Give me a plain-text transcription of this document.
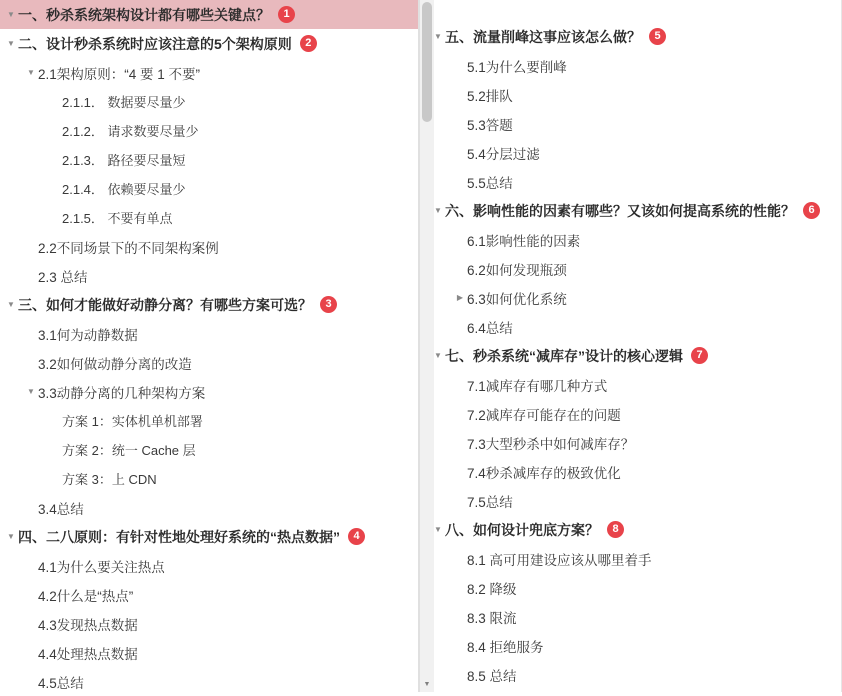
▼
一、秒杀系统架构设计都有哪些关键点？	1
▼
二、设计秒杀系统时应该注意的5个架构原则	2
▼
2.1架构原则：“4 要 1 不要”
2.1.1． 数据要尽量少
2.1.2． 请求数要尽量少
2.1.3． 路径要尽量短
2.1.4． 依赖要尽量少
2.1.5． 不要有单点
2.2不同场景下的不同架构案例
2.3 总结
▼
三、如何才能做好动静分离？有哪些方案可选？	3
3.1何为动静数据
3.2如何做动静分离的改造
▼
3.3动静分离的几种架构方案
方案 1：实体机单机部署
方案 2：统一 Cache 层
方案 3：上 CDN
3.4总结
▼
四、二八原则：有针对性地处理好系统的“热点数据”	4
4.1为什么要关注热点
4.2什么是“热点”
4.3发现热点数据
4.4处理热点数据
4.5总结	▼
▼
五、流量削峰这事应该怎么做？	5
5.1为什么要削峰
5.2排队
5.3答题
5.4分层过滤
5.5总结
▼
六、影响性能的因素有哪些？又该如何提高系统的性能？	6
6.1影响性能的因素
6.2如何发现瓶颈
▶
6.3如何优化系统
6.4总结
▼
七、秒杀系统“减库存”设计的核心逻辑	7
7.1减库存有哪几种方式
7.2减库存可能存在的问题
7.3大型秒杀中如何减库存？
7.4秒杀减库存的极致优化
7.5总结
▼
八、如何设计兜底方案？	8
8.1 高可用建设应该从哪里着手
8.2 降级
8.3 限流
8.4 拒绝服务
8.5 总结
